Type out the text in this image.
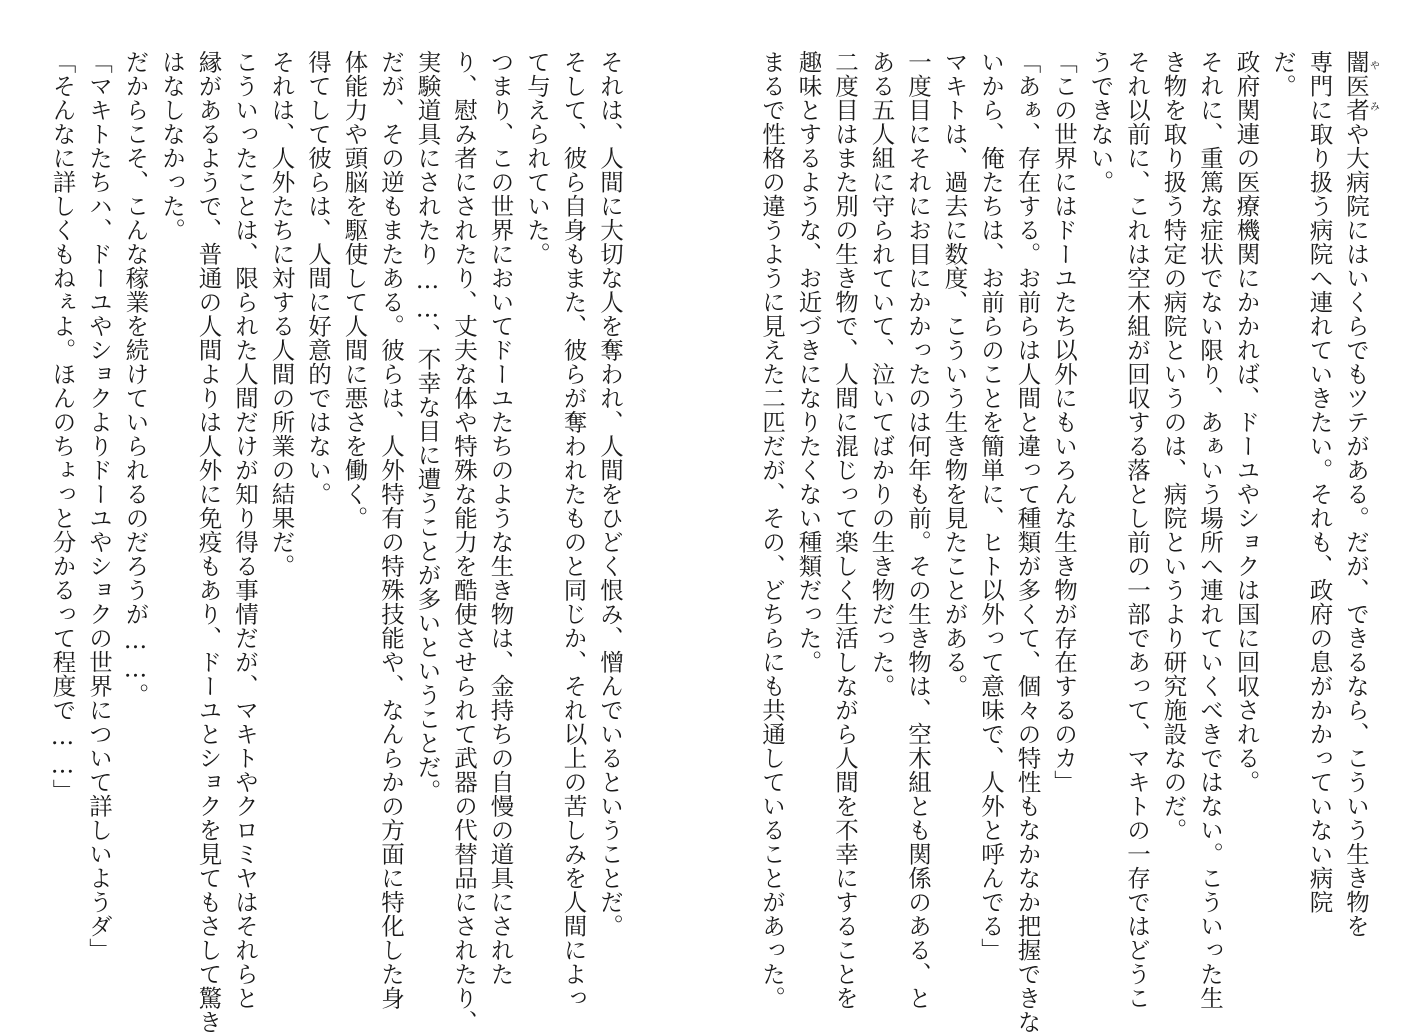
闇医者やみや大病院にはいくらでもツテがある。だが、できるなら、こういう生き物を専門に取り扱う病院へ連れていきたい。それも、政府の息がかかっていない病院だ。
政府関連の医療機関にかかれば、ドーユやショクは国に回収される。
それに、重篤な症状でない限り、あぁいう場所へ連れていくべきではない。こういった生
き物を取り扱う特定の病院というのは、病院というより研究施設なのだ。
それ以前に、これは空木組が回収する落とし前の一部であって、マキトの一存ではどうこ
うできない。
「この世界にはドーユたち以外にもいろんな生き物が存在するのカ」
「あぁ、存在する。お前らは人間と違って種類が多くて、個々の特性もなかなか把握できな
いから、俺たちは、お前らのことを簡単に、ヒト以外って意味で、人外と呼んでる」
マキトは、過去に数度、こういう生き物を見たことがある。
一度目にそれにお目にかかったのは何年も前。その生き物は、空木組とも関係のある、と
ある五人組に守られていて、泣いてばかりの生き物だった。
二度目はまた別の生き物で、人間に混じって楽しく生活しながら人間を不幸にすることを
趣味とするような、お近づきになりたくない種類だった。
まるで性格の違うように見えた二匹だが、その、どちらにも共通していることがあった。
それは、人間に大切な人を奪われ、人間をひどく恨み、憎んでいるということだ。
そして、彼ら自身もまた、彼らが奪われたものと同じか、それ以上の苦しみを人間によっ
て与えられていた。
つまり、この世界においてドーユたちのような生き物は、金持ちの自慢の道具にされた
り、慰み者にされたり、丈夫な体や特殊な能力を酷使させられて武器の代替品にされたり、
実験道具にされたり……、不幸な目に遭うことが多いということだ。
だが、その逆もまたある。彼らは、人外特有の特殊技能や、なんらかの方面に特化した身
体能力や頭脳を駆使して人間に悪さを働く。
得てして彼らは、人間に好意的ではない。
それは、人外たちに対する人間の所業の結果だ。
こういったことは、限られた人間だけが知り得る事情だが、マキトやクロミヤはそれらと
縁があるようで、普通の人間よりは人外に免疫もあり、ドーユとショクを見てもさして驚き
はなしなかった。
だからこそ、こんな稼業を続けていられるのだろうが……。
「マキトたちハ、ドーユやショクよりドーユやショクの世界について詳しいようダ」
「そんなに詳しくもねぇよ。ほんのちょっと分かるって程度で……」
